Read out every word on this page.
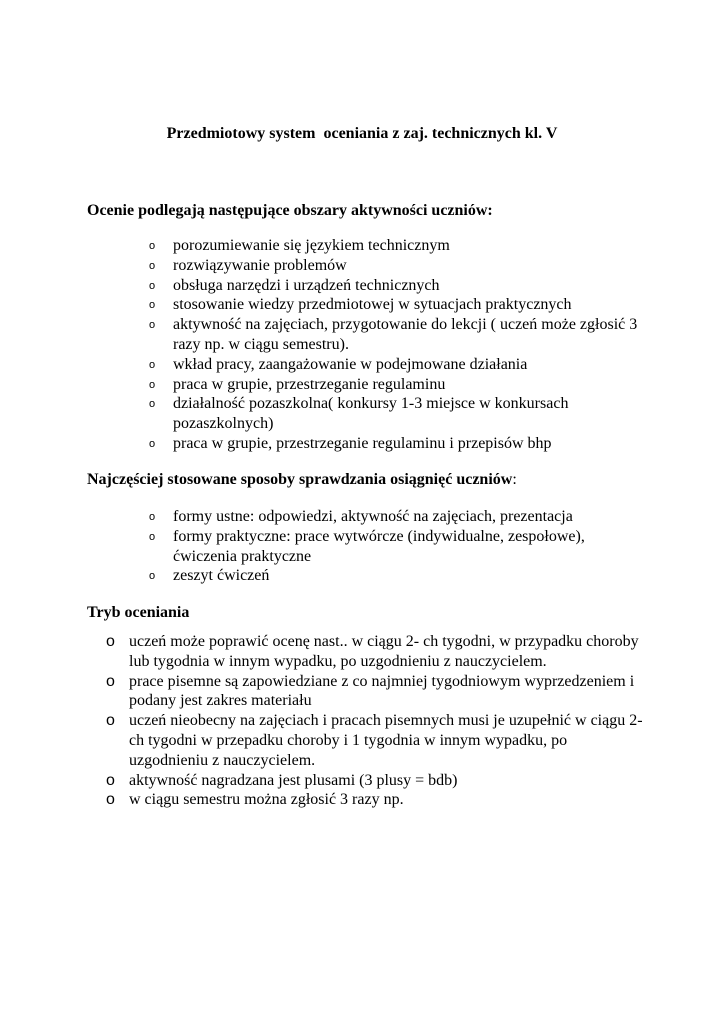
Przedmiotowy system  oceniania z zaj. technicznych kl. V
Ocenie podlegają następujące obszary aktywności uczniów:
o porozumiewanie się językiem technicznym
o rozwiązywanie problemów
o obsługa narzędzi i urządzeń technicznych
o stosowanie wiedzy przedmiotowej w sytuacjach praktycznych
o aktywność na zajęciach, przygotowanie do lekcji ( uczeń może zgłosić 3 razy np. w ciągu semestru).
o wkład pracy, zaangażowanie w podejmowane działania
o praca w grupie, przestrzeganie regulaminu
o działalność pozaszkolna( konkursy 1-3 miejsce w konkursach pozaszkolnych)
o praca w grupie, przestrzeganie regulaminu i przepisów bhp
Najczęściej stosowane sposoby sprawdzania osiągnięć uczniów:
o formy ustne: odpowiedzi, aktywność na zajęciach, prezentacja
o formy praktyczne: prace wytwórcze (indywidualne, zespołowe), ćwiczenia praktyczne
o zeszyt ćwiczeń
Tryb oceniania
o uczeń może poprawić ocenę nast.. w ciągu 2- ch tygodni, w przypadku choroby lub tygodnia w innym wypadku, po uzgodnieniu z nauczycielem.
o prace pisemne są zapowiedziane z co najmniej tygodniowym wyprzedzeniem i podany jest zakres materiału
o uczeń nieobecny na zajęciach i pracach pisemnych musi je uzupełnić w ciągu 2-ch tygodni w przepadku choroby i 1 tygodnia w innym wypadku, po uzgodnieniu z nauczycielem.
o aktywność nagradzana jest plusami (3 plusy = bdb)
o w ciągu semestru można zgłosić 3 razy np.
